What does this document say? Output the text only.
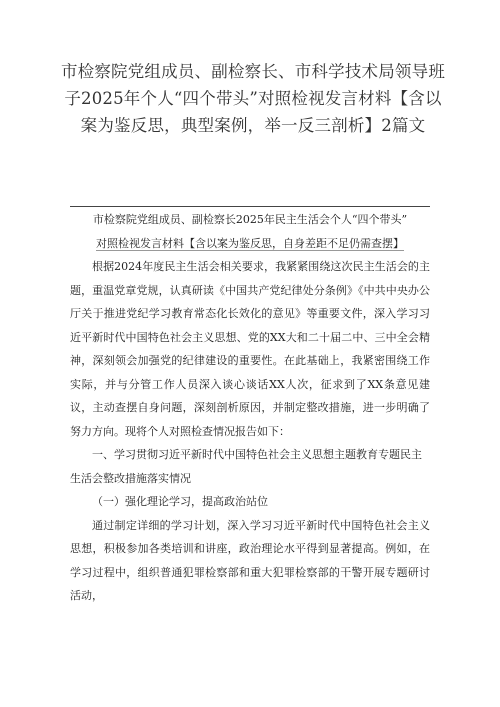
市检察院党组成员、副检察长、市科学技术局领导班子2025年个人“四个带头”对照检视发言材料【含以案为鉴反思，典型案例，举一反三剖析】2篇文

市检察院党组成员、副检察长2025年民主生活会个人“四个带头”

对照检视发言材料【含以案为鉴反思，自身差距不足仍需查摆】

根据2024年度民主生活会相关要求，我紧紧围绕这次民主生活会的主题，重温党章党规，认真研读《中国共产党纪律处分条例》《中共中央办公厅关于推进党纪学习教育常态化长效化的意见》等重要文件，深入学习习近平新时代中国特色社会主义思想、党的XX大和二十届二中、三中全会精神，深刻领会加强党的纪律建设的重要性。在此基础上，我紧密围绕工作实际，并与分管工作人员深入谈心谈话XX人次，征求到了XX条意见建议，主动查摆自身问题，深刻剖析原因，并制定整改措施，进一步明确了努力方向。现将个人对照检查情况报告如下：

一、学习贯彻习近平新时代中国特色社会主义思想主题教育专题民主生活会整改措施落实情况

（一）强化理论学习，提高政治站位

通过制定详细的学习计划，深入学习习近平新时代中国特色社会主义思想，积极参加各类培训和讲座，政治理论水平得到显著提高。例如，在学习过程中，组织普通犯罪检察部和重大犯罪检察部的干警开展专题研讨活动，
